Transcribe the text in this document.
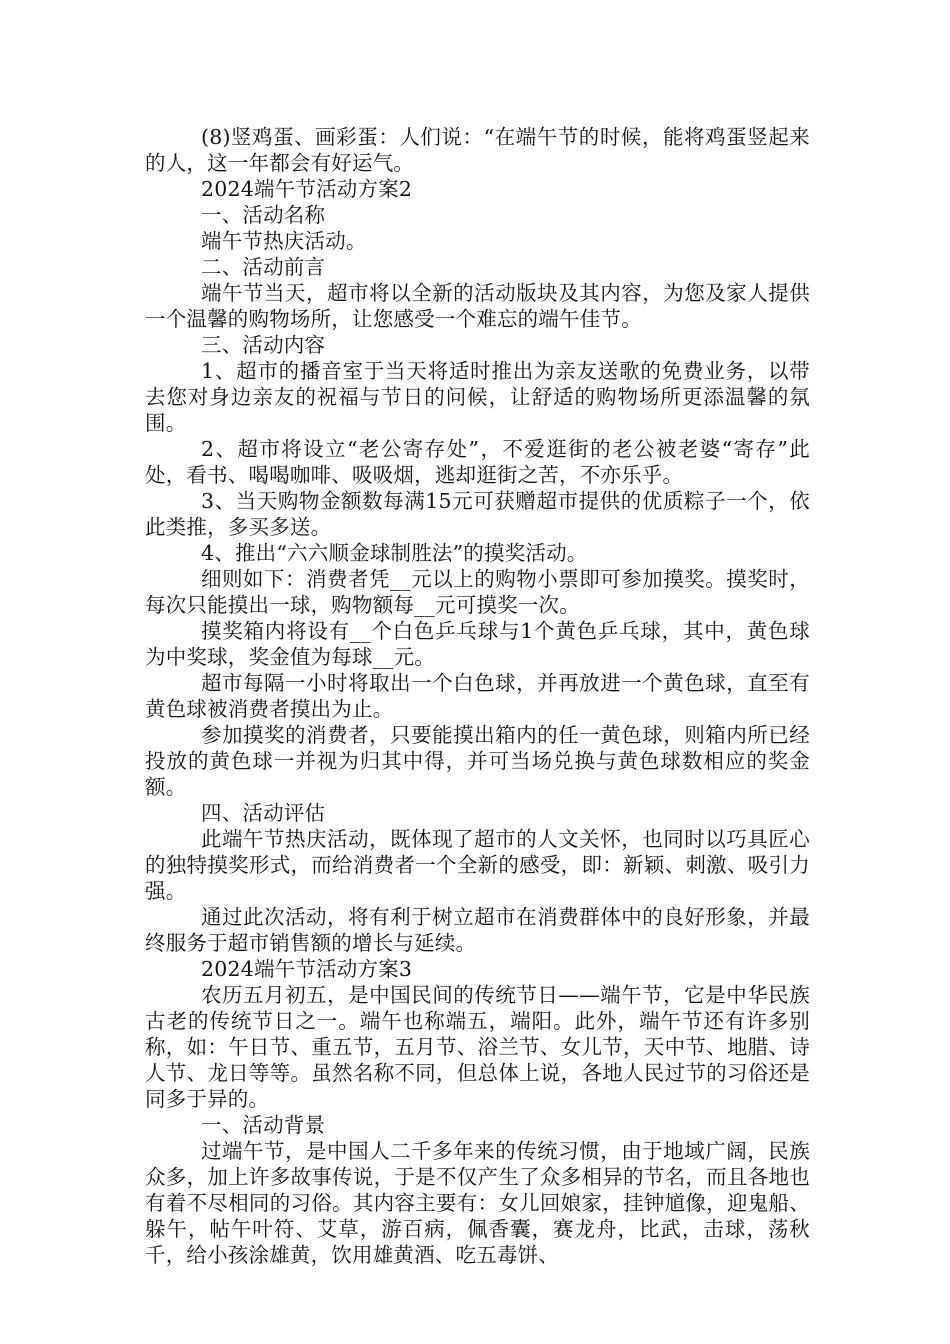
(8)竖鸡蛋、画彩蛋：人们说：“在端午节的时候，能将鸡蛋竖起来的人，这一年都会有好运气。

2024端午节活动方案2

一、活动名称

端午节热庆活动。

二、活动前言

端午节当天，超市将以全新的活动版块及其内容，为您及家人提供一个温馨的购物场所，让您感受一个难忘的端午佳节。

三、活动内容

1、超市的播音室于当天将适时推出为亲友送歌的免费业务，以带去您对身边亲友的祝福与节日的问候，让舒适的购物场所更添温馨的氛围。

2、超市将设立“老公寄存处”，不爱逛街的老公被老婆“寄存”此处，看书、喝喝咖啡、吸吸烟，逃却逛街之苦，不亦乐乎。

3、当天购物金额数每满15元可获赠超市提供的优质粽子一个，依此类推，多买多送。

4、推出“六六顺金球制胜法”的摸奖活动。

细则如下：消费者凭__元以上的购物小票即可参加摸奖。摸奖时，每次只能摸出一球，购物额每__元可摸奖一次。

摸奖箱内将设有__个白色乒乓球与1个黄色乒乓球，其中，黄色球为中奖球，奖金值为每球__元。

超市每隔一小时将取出一个白色球，并再放进一个黄色球，直至有黄色球被消费者摸出为止。

参加摸奖的消费者，只要能摸出箱内的任一黄色球，则箱内所已经投放的黄色球一并视为归其中得，并可当场兑换与黄色球数相应的奖金额。

四、活动评估

此端午节热庆活动，既体现了超市的人文关怀，也同时以巧具匠心的独特摸奖形式，而给消费者一个全新的感受，即：新颖、刺激、吸引力强。

通过此次活动，将有利于树立超市在消费群体中的良好形象，并最终服务于超市销售额的增长与延续。

2024端午节活动方案3

农历五月初五，是中国民间的传统节日——端午节，它是中华民族古老的传统节日之一。端午也称端五，端阳。此外，端午节还有许多别称，如：午日节、重五节，五月节、浴兰节、女儿节，天中节、地腊、诗人节、龙日等等。虽然名称不同，但总体上说，各地人民过节的习俗还是同多于异的。

一、活动背景

过端午节，是中国人二千多年来的传统习惯，由于地域广阔，民族众多，加上许多故事传说，于是不仅产生了众多相异的节名，而且各地也有着不尽相同的习俗。其内容主要有：女儿回娘家，挂钟馗像，迎鬼船、躲午，帖午叶符、艾草，游百病，佩香囊，赛龙舟，比武，击球，荡秋千，给小孩涂雄黄，饮用雄黄酒、吃五毒饼、
